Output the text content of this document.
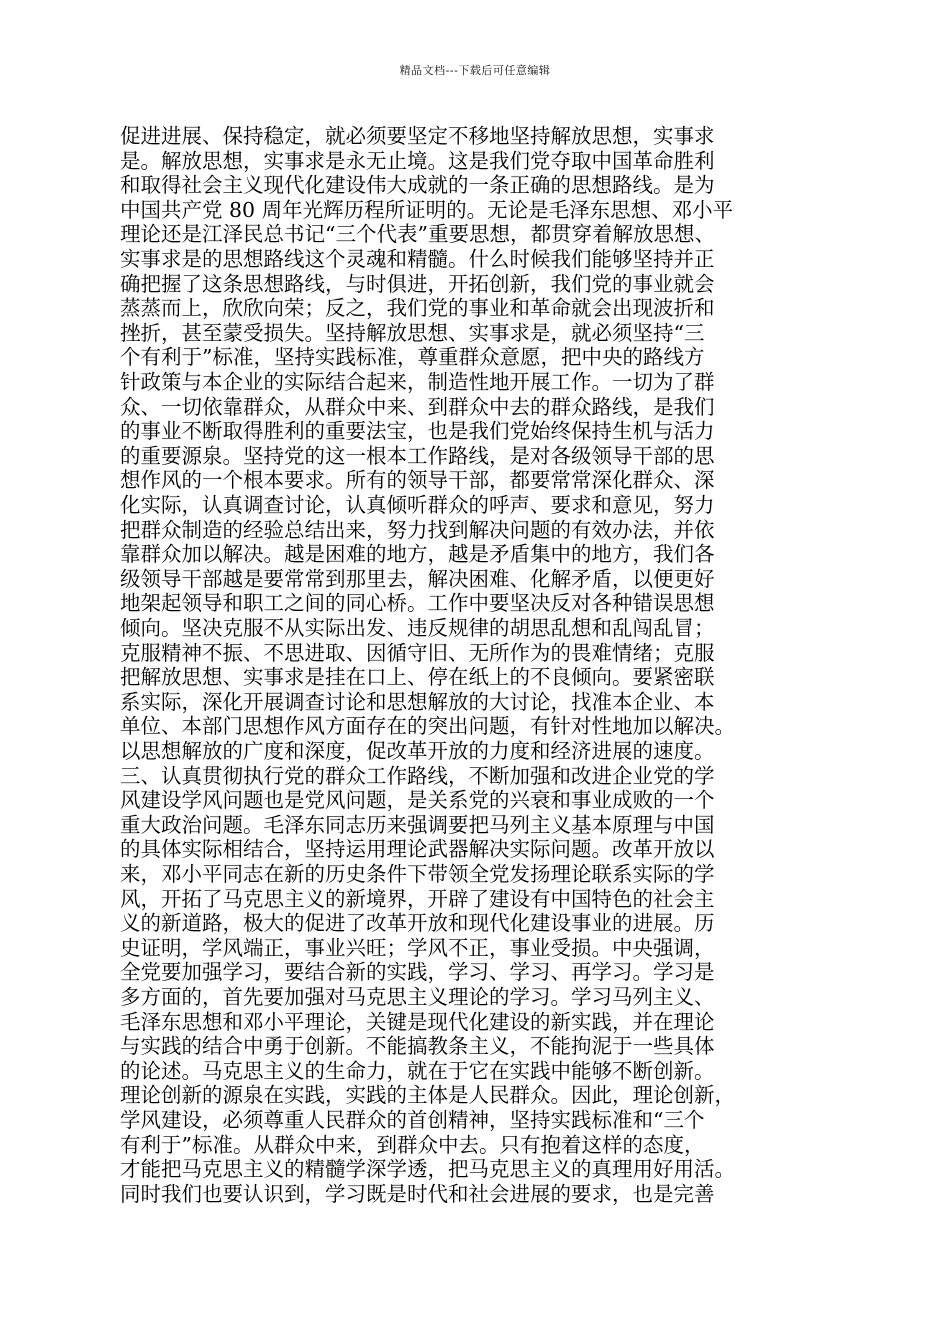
精品文档---下载后可任意编辑
促进进展、保持稳定，就必须要坚定不移地坚持解放思想，实事求
是。解放思想，实事求是永无止境。这是我们党夺取中国革命胜利
和取得社会主义现代化建设伟大成就的一条正确的思想路线。是为
中国共产党 80 周年光辉历程所证明的。无论是毛泽东思想、邓小平
理论还是江泽民总书记“三个代表”重要思想，都贯穿着解放思想、
实事求是的思想路线这个灵魂和精髓。什么时候我们能够坚持并正
确把握了这条思想路线，与时俱进，开拓创新，我们党的事业就会
蒸蒸而上，欣欣向荣；反之，我们党的事业和革命就会出现波折和
挫折，甚至蒙受损失。坚持解放思想、实事求是，就必须坚持“三
个有利于”标准，坚持实践标准，尊重群众意愿，把中央的路线方
针政策与本企业的实际结合起来，制造性地开展工作。一切为了群
众、一切依靠群众，从群众中来、到群众中去的群众路线，是我们
的事业不断取得胜利的重要法宝，也是我们党始终保持生机与活力
的重要源泉。坚持党的这一根本工作路线，是对各级领导干部的思
想作风的一个根本要求。所有的领导干部，都要常常深化群众、深
化实际，认真调查讨论，认真倾听群众的呼声、要求和意见，努力
把群众制造的经验总结出来，努力找到解决问题的有效办法，并依
靠群众加以解决。越是困难的地方，越是矛盾集中的地方，我们各
级领导干部越是要常常到那里去，解决困难、化解矛盾，以便更好
地架起领导和职工之间的同心桥。工作中要坚决反对各种错误思想
倾向。坚决克服不从实际出发、违反规律的胡思乱想和乱闯乱冒；
克服精神不振、不思进取、因循守旧、无所作为的畏难情绪；克服
把解放思想、实事求是挂在口上、停在纸上的不良倾向。要紧密联
系实际，深化开展调查讨论和思想解放的大讨论，找准本企业、本
单位、本部门思想作风方面存在的突出问题，有针对性地加以解决。
以思想解放的广度和深度，促改革开放的力度和经济进展的速度。
三、认真贯彻执行党的群众工作路线，不断加强和改进企业党的学
风建设学风问题也是党风问题，是关系党的兴衰和事业成败的一个
重大政治问题。毛泽东同志历来强调要把马列主义基本原理与中国
的具体实际相结合，坚持运用理论武器解决实际问题。改革开放以
来，邓小平同志在新的历史条件下带领全党发扬理论联系实际的学
风，开拓了马克思主义的新境界，开辟了建设有中国特色的社会主
义的新道路，极大的促进了改革开放和现代化建设事业的进展。历
史证明，学风端正，事业兴旺；学风不正，事业受损。中央强调，
全党要加强学习，要结合新的实践，学习、学习、再学习。学习是
多方面的，首先要加强对马克思主义理论的学习。学习马列主义、
毛泽东思想和邓小平理论，关键是现代化建设的新实践，并在理论
与实践的结合中勇于创新。不能搞教条主义，不能拘泥于一些具体
的论述。马克思主义的生命力，就在于它在实践中能够不断创新。
理论创新的源泉在实践，实践的主体是人民群众。因此，理论创新，
学风建设，必须尊重人民群众的首创精神，坚持实践标准和“三个
有利于”标准。从群众中来，到群众中去。只有抱着这样的态度，
才能把马克思主义的精髓学深学透，把马克思主义的真理用好用活。
同时我们也要认识到，学习既是时代和社会进展的要求，也是完善
